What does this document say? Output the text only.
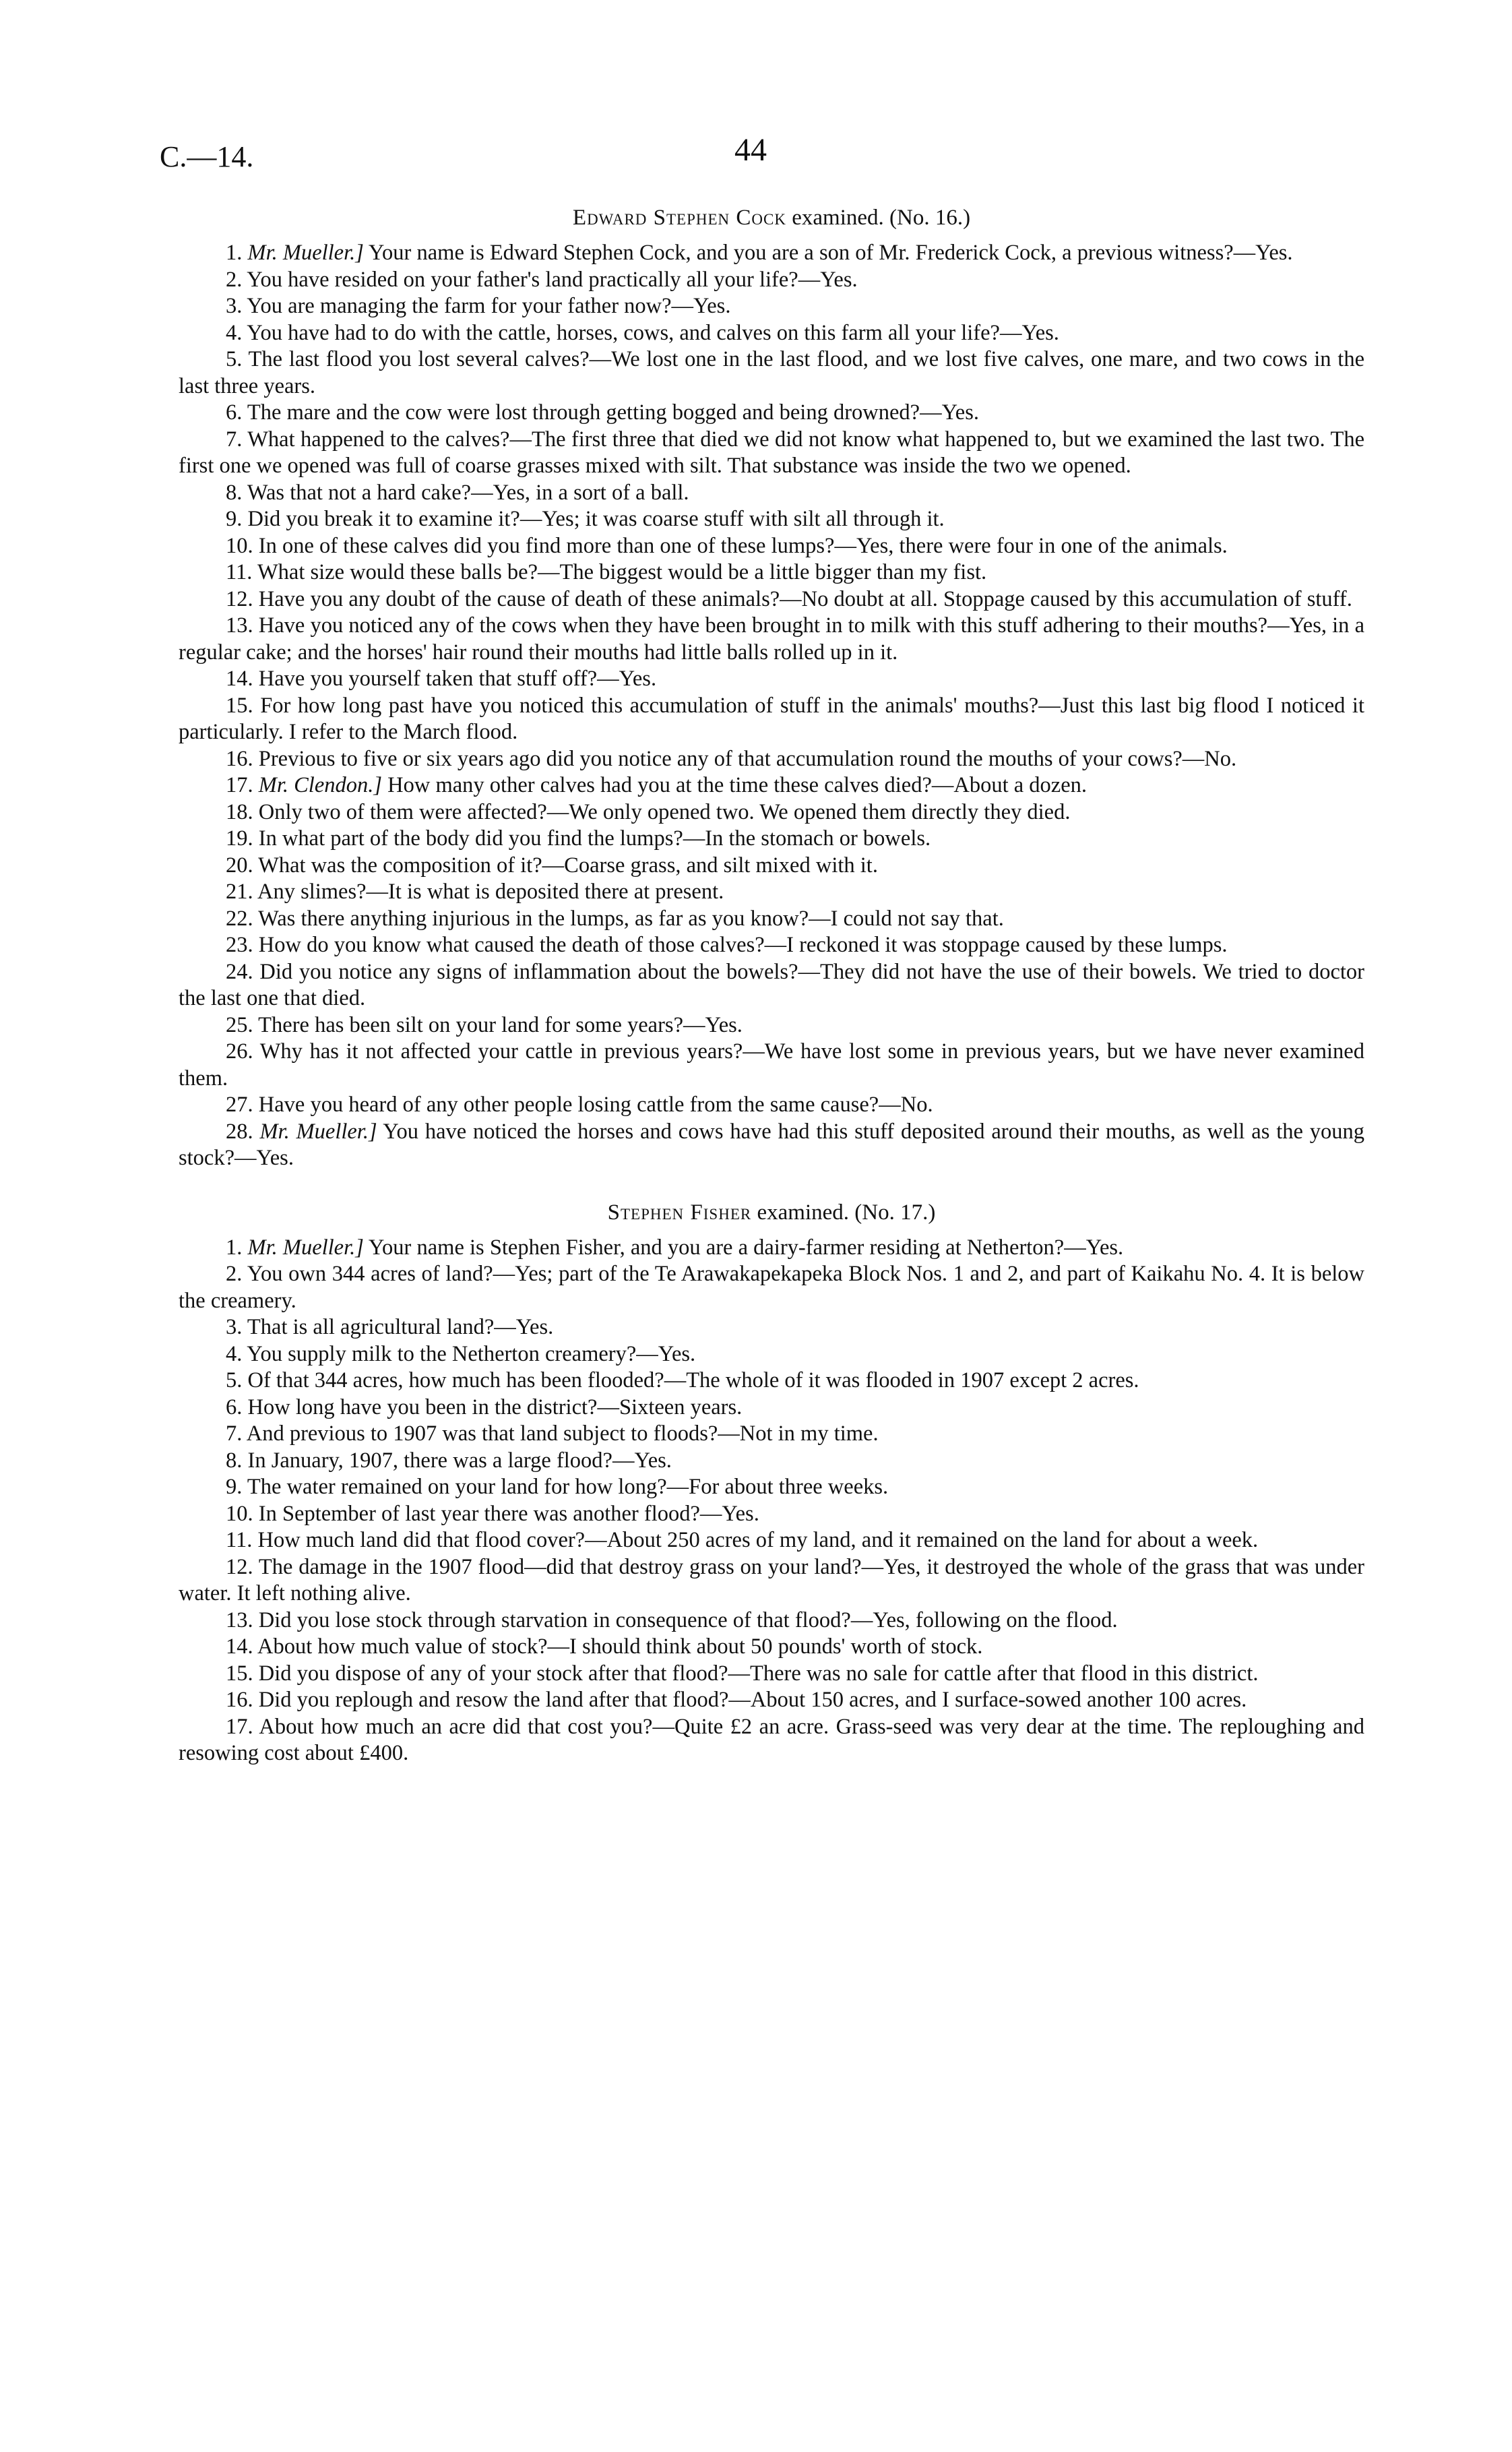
C.—14.	44
Edward Stephen Cock examined. (No. 16.)

1. Mr. Mueller.] Your name is Edward Stephen Cock, and you are a son of Mr. Frederick Cock, a previous witness?—Yes.

2. You have resided on your father's land practically all your life?—Yes.

3. You are managing the farm for your father now?—Yes.

4. You have had to do with the cattle, horses, cows, and calves on this farm all your life?—Yes.

5. The last flood you lost several calves?—We lost one in the last flood, and we lost five calves, one mare, and two cows in the last three years.

6. The mare and the cow were lost through getting bogged and being drowned?—Yes.

7. What happened to the calves?—The first three that died we did not know what happened to, but we examined the last two. The first one we opened was full of coarse grasses mixed with silt. That substance was inside the two we opened.

8. Was that not a hard cake?—Yes, in a sort of a ball.

9. Did you break it to examine it?—Yes; it was coarse stuff with silt all through it.

10. In one of these calves did you find more than one of these lumps?—Yes, there were four in one of the animals.

11. What size would these balls be?—The biggest would be a little bigger than my fist.

12. Have you any doubt of the cause of death of these animals?—No doubt at all. Stoppage caused by this accumulation of stuff.

13. Have you noticed any of the cows when they have been brought in to milk with this stuff adhering to their mouths?—Yes, in a regular cake; and the horses' hair round their mouths had little balls rolled up in it.

14. Have you yourself taken that stuff off?—Yes.

15. For how long past have you noticed this accumulation of stuff in the animals' mouths?—Just this last big flood I noticed it particularly. I refer to the March flood.

16. Previous to five or six years ago did you notice any of that accumulation round the mouths of your cows?—No.

17. Mr. Clendon.] How many other calves had you at the time these calves died?—About a dozen.

18. Only two of them were affected?—We only opened two. We opened them directly they died.

19. In what part of the body did you find the lumps?—In the stomach or bowels.

20. What was the composition of it?—Coarse grass, and silt mixed with it.

21. Any slimes?—It is what is deposited there at present.

22. Was there anything injurious in the lumps, as far as you know?—I could not say that.

23. How do you know what caused the death of those calves?—I reckoned it was stoppage caused by these lumps.

24. Did you notice any signs of inflammation about the bowels?—They did not have the use of their bowels. We tried to doctor the last one that died.

25. There has been silt on your land for some years?—Yes.

26. Why has it not affected your cattle in previous years?—We have lost some in previous years, but we have never examined them.

27. Have you heard of any other people losing cattle from the same cause?—No.

28. Mr. Mueller.] You have noticed the horses and cows have had this stuff deposited around their mouths, as well as the young stock?—Yes.

Stephen Fisher examined. (No. 17.)

1. Mr. Mueller.] Your name is Stephen Fisher, and you are a dairy-farmer residing at Netherton?—Yes.

2. You own 344 acres of land?—Yes; part of the Te Arawakapekapeka Block Nos. 1 and 2, and part of Kaikahu No. 4. It is below the creamery.

3. That is all agricultural land?—Yes.

4. You supply milk to the Netherton creamery?—Yes.

5. Of that 344 acres, how much has been flooded?—The whole of it was flooded in 1907 except 2 acres.

6. How long have you been in the district?—Sixteen years.

7. And previous to 1907 was that land subject to floods?—Not in my time.

8. In January, 1907, there was a large flood?—Yes.

9. The water remained on your land for how long?—For about three weeks.

10. In September of last year there was another flood?—Yes.

11. How much land did that flood cover?—About 250 acres of my land, and it remained on the land for about a week.

12. The damage in the 1907 flood—did that destroy grass on your land?—Yes, it destroyed the whole of the grass that was under water. It left nothing alive.

13. Did you lose stock through starvation in consequence of that flood?—Yes, following on the flood.

14. About how much value of stock?—I should think about 50 pounds' worth of stock.

15. Did you dispose of any of your stock after that flood?—There was no sale for cattle after that flood in this district.

16. Did you replough and resow the land after that flood?—About 150 acres, and I surface-sowed another 100 acres.

17. About how much an acre did that cost you?—Quite £2 an acre. Grass-seed was very dear at the time. The reploughing and resowing cost about £400.
